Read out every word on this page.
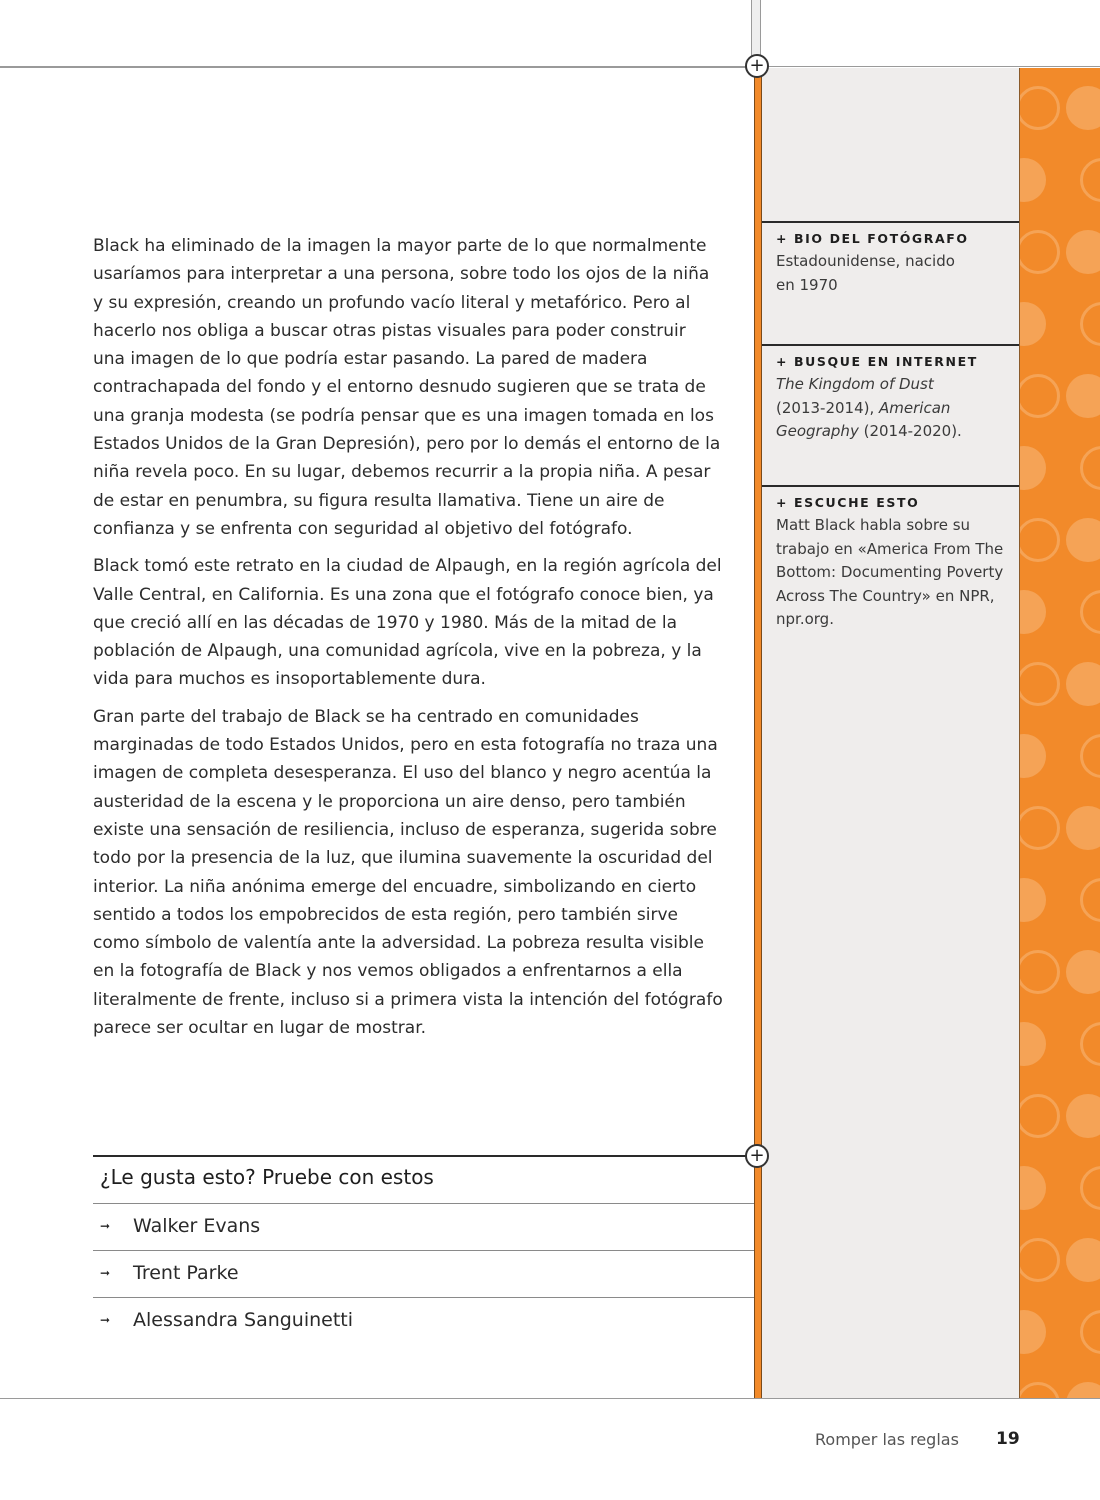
+
+ BIO DEL FOTÓGRAFO
Estadounidense, nacido en 1970
+ BUSQUE EN INTERNET
The Kingdom of Dust (2013-2014), American Geography (2014-2020).
+ ESCUCHE ESTO
Matt Black habla sobre su trabajo en «America From The Bottom: Documenting Poverty Across The Country» en NPR, npr.org.

Black ha eliminado de la imagen la mayor parte de lo que normalmente usaríamos para interpretar a una persona, sobre todo los ojos de la niña y su expresión, creando un profundo vacío literal y metafórico. Pero al hacerlo nos obliga a buscar otras pistas visuales para poder construir una imagen de lo que podría estar pasando. La pared de madera contrachapada del fondo y el entorno desnudo sugieren que se trata de una granja modesta (se podría pensar que es una imagen tomada en los Estados Unidos de la Gran Depresión), pero por lo demás el entorno de la niña revela poco. En su lugar, debemos recurrir a la propia niña. A pesar de estar en penumbra, su figura resulta llamativa. Tiene un aire de confianza y se enfrenta con seguridad al objetivo del fotógrafo.

Black tomó este retrato en la ciudad de Alpaugh, en la región agrícola del Valle Central, en California. Es una zona que el fotógrafo conoce bien, ya que creció allí en las décadas de 1970 y 1980. Más de la mitad de la población de Alpaugh, una comunidad agrícola, vive en la pobreza, y la vida para muchos es insoportablemente dura.

Gran parte del trabajo de Black se ha centrado en comunidades marginadas de todo Estados Unidos, pero en esta fotografía no traza una imagen de completa desesperanza. El uso del blanco y negro acentúa la austeridad de la escena y le proporciona un aire denso, pero también existe una sensación de resiliencia, incluso de esperanza, sugerida sobre todo por la presencia de la luz, que ilumina suavemente la oscuridad del interior. La niña anónima emerge del encuadre, simbolizando en cierto sentido a todos los empobrecidos de esta región, pero también sirve como símbolo de valentía ante la adversidad. La pobreza resulta visible en la fotografía de Black y nos vemos obligados a enfrentarnos a ella literalmente de frente, incluso si a primera vista la intención del fotógrafo parece ser ocultar en lugar de mostrar.

+
¿Le gusta esto? Pruebe con estos
➞	Walker Evans
➞	Trent Parke
➞	Alessandra Sanguinetti
Romper las reglas 19
